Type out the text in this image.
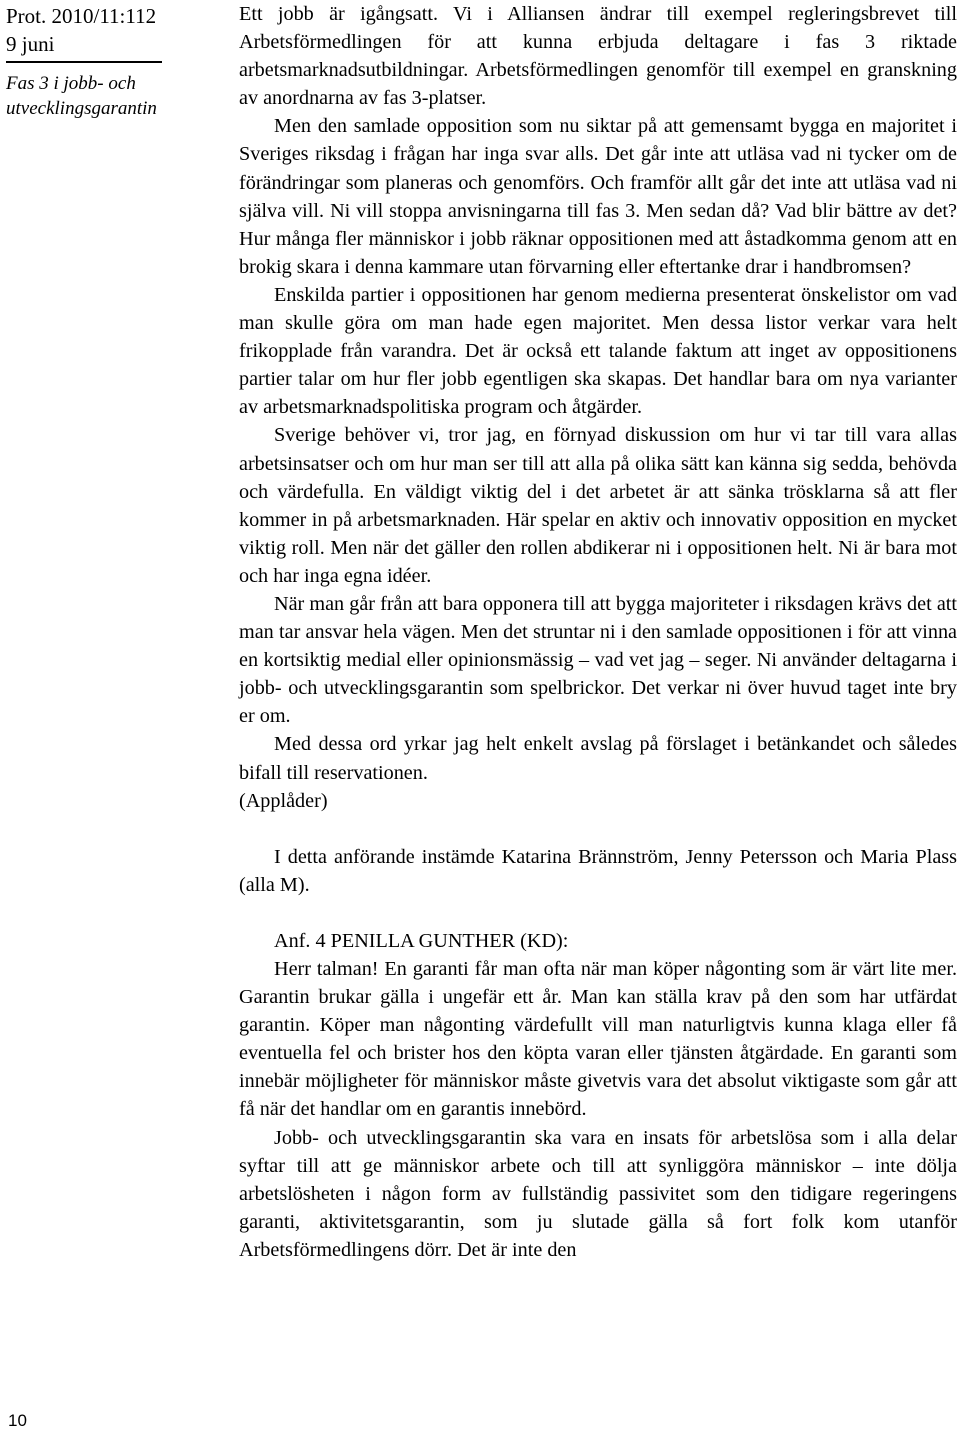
Prot. 2010/11:112
9 juni
Fas 3 i jobb- och utvecklingsgarantin
10

Ett jobb är igångsatt. Vi i Alliansen ändrar till exempel regleringsbrevet till Arbetsförmedlingen för att kunna erbjuda deltagare i fas 3 riktade arbetsmarknadsutbildningar. Arbetsförmedlingen genomför till exempel en granskning av anordnarna av fas 3-platser.

Men den samlade opposition som nu siktar på att gemensamt bygga en majoritet i Sveriges riksdag i frågan har inga svar alls. Det går inte att utläsa vad ni tycker om de förändringar som planeras och genomförs. Och framför allt går det inte att utläsa vad ni själva vill. Ni vill stoppa anvisningarna till fas 3. Men sedan då? Vad blir bättre av det? Hur många fler människor i jobb räknar oppositionen med att åstadkomma genom att en brokig skara i denna kammare utan förvarning eller eftertanke drar i handbromsen?

Enskilda partier i oppositionen har genom medierna presenterat önskelistor om vad man skulle göra om man hade egen majoritet. Men dessa listor verkar vara helt frikopplade från varandra. Det är också ett talande faktum att inget av oppositionens partier talar om hur fler jobb egentligen ska skapas. Det handlar bara om nya varianter av arbetsmarknadspolitiska program och åtgärder.

Sverige behöver vi, tror jag, en förnyad diskussion om hur vi tar till vara allas arbetsinsatser och om hur man ser till att alla på olika sätt kan känna sig sedda, behövda och värdefulla. En väldigt viktig del i det arbetet är att sänka trösklarna så att fler kommer in på arbetsmarknaden. Här spelar en aktiv och innovativ opposition en mycket viktig roll. Men när det gäller den rollen abdikerar ni i oppositionen helt. Ni är bara mot och har inga egna idéer.

När man går från att bara opponera till att bygga majoriteter i riksdagen krävs det att man tar ansvar hela vägen. Men det struntar ni i den samlade oppositionen i för att vinna en kortsiktig medial eller opinionsmässig – vad vet jag – seger. Ni använder deltagarna i jobb- och utvecklingsgarantin som spelbrickor. Det verkar ni över huvud taget inte bry er om.

Med dessa ord yrkar jag helt enkelt avslag på förslaget i betänkandet och således bifall till reservationen.

(Applåder)

I detta anförande instämde Katarina Brännström, Jenny Petersson och Maria Plass (alla M).

Anf. 4 PENILLA GUNTHER (KD):

Herr talman! En garanti får man ofta när man köper någonting som är värt lite mer. Garantin brukar gälla i ungefär ett år. Man kan ställa krav på den som har utfärdat garantin. Köper man någonting värdefullt vill man naturligtvis kunna klaga eller få eventuella fel och brister hos den köpta varan eller tjänsten åtgärdade. En garanti som innebär möjligheter för människor måste givetvis vara det absolut viktigaste som går att få när det handlar om en garantis innebörd.

Jobb- och utvecklingsgarantin ska vara en insats för arbetslösa som i alla delar syftar till att ge människor arbete och till att synliggöra människor – inte dölja arbetslösheten i någon form av fullständig passivitet som den tidigare regeringens garanti, aktivitetsgarantin, som ju slutade gälla så fort folk kom utanför Arbetsförmedlingens dörr. Det är inte den
